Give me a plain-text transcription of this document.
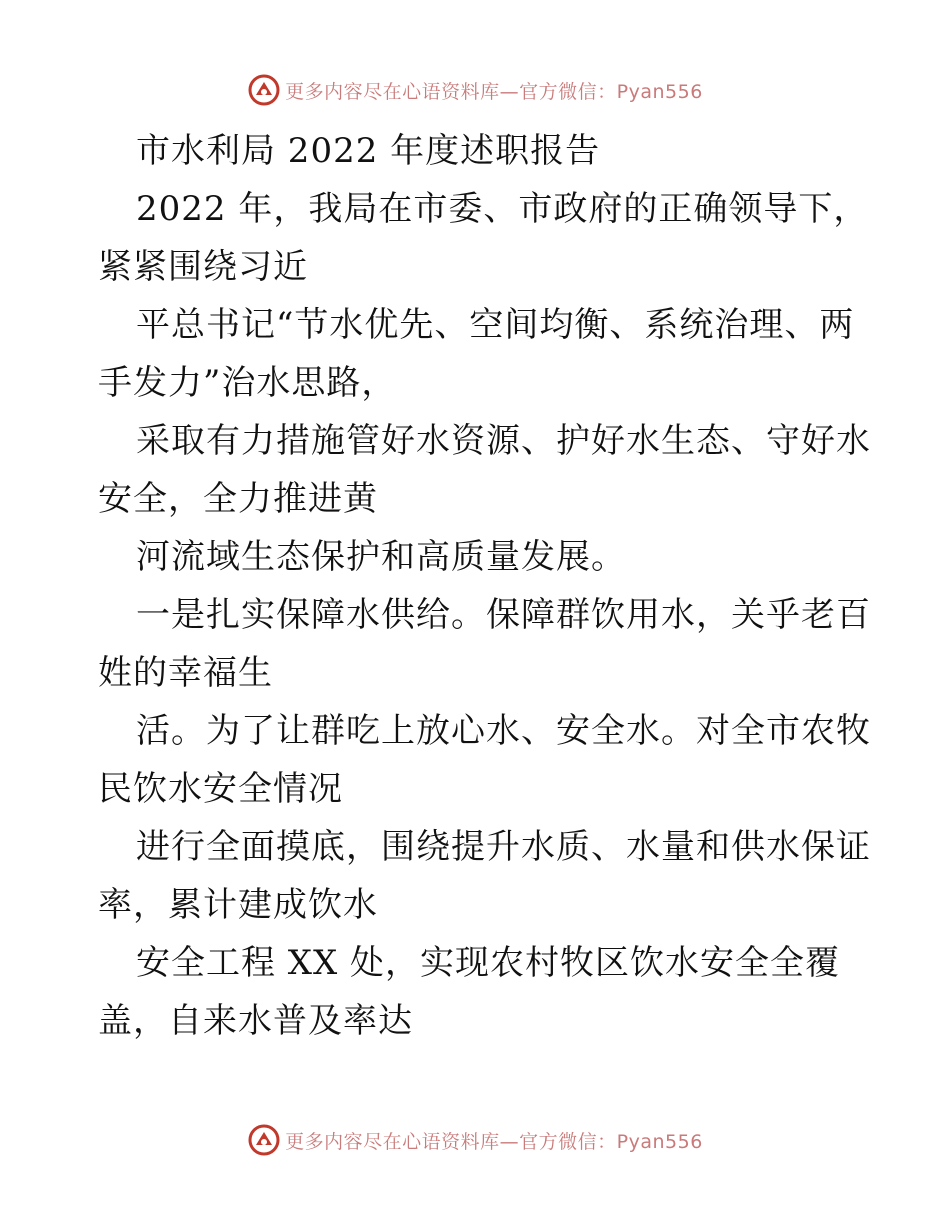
更多内容尽在心语资料库—官方微信：Pyan556
市水利局 2022 年度述职报告
2022 年，我局在市委、市政府的正确领导下，
紧紧围绕习近
平总书记“节水优先、空间均衡、系统治理、两
手发力”治水思路，
采取有力措施管好水资源、护好水生态、守好水
安全，全力推进黄
河流域生态保护和高质量发展。
一是扎实保障水供给。保障群饮用水，关乎老百
姓的幸福生
活。为了让群吃上放心水、安全水。对全市农牧
民饮水安全情况
进行全面摸底，围绕提升水质、水量和供水保证
率，累计建成饮水
安全工程 XX 处，实现农村牧区饮水安全全覆
盖，自来水普及率达
更多内容尽在心语资料库—官方微信：Pyan556
